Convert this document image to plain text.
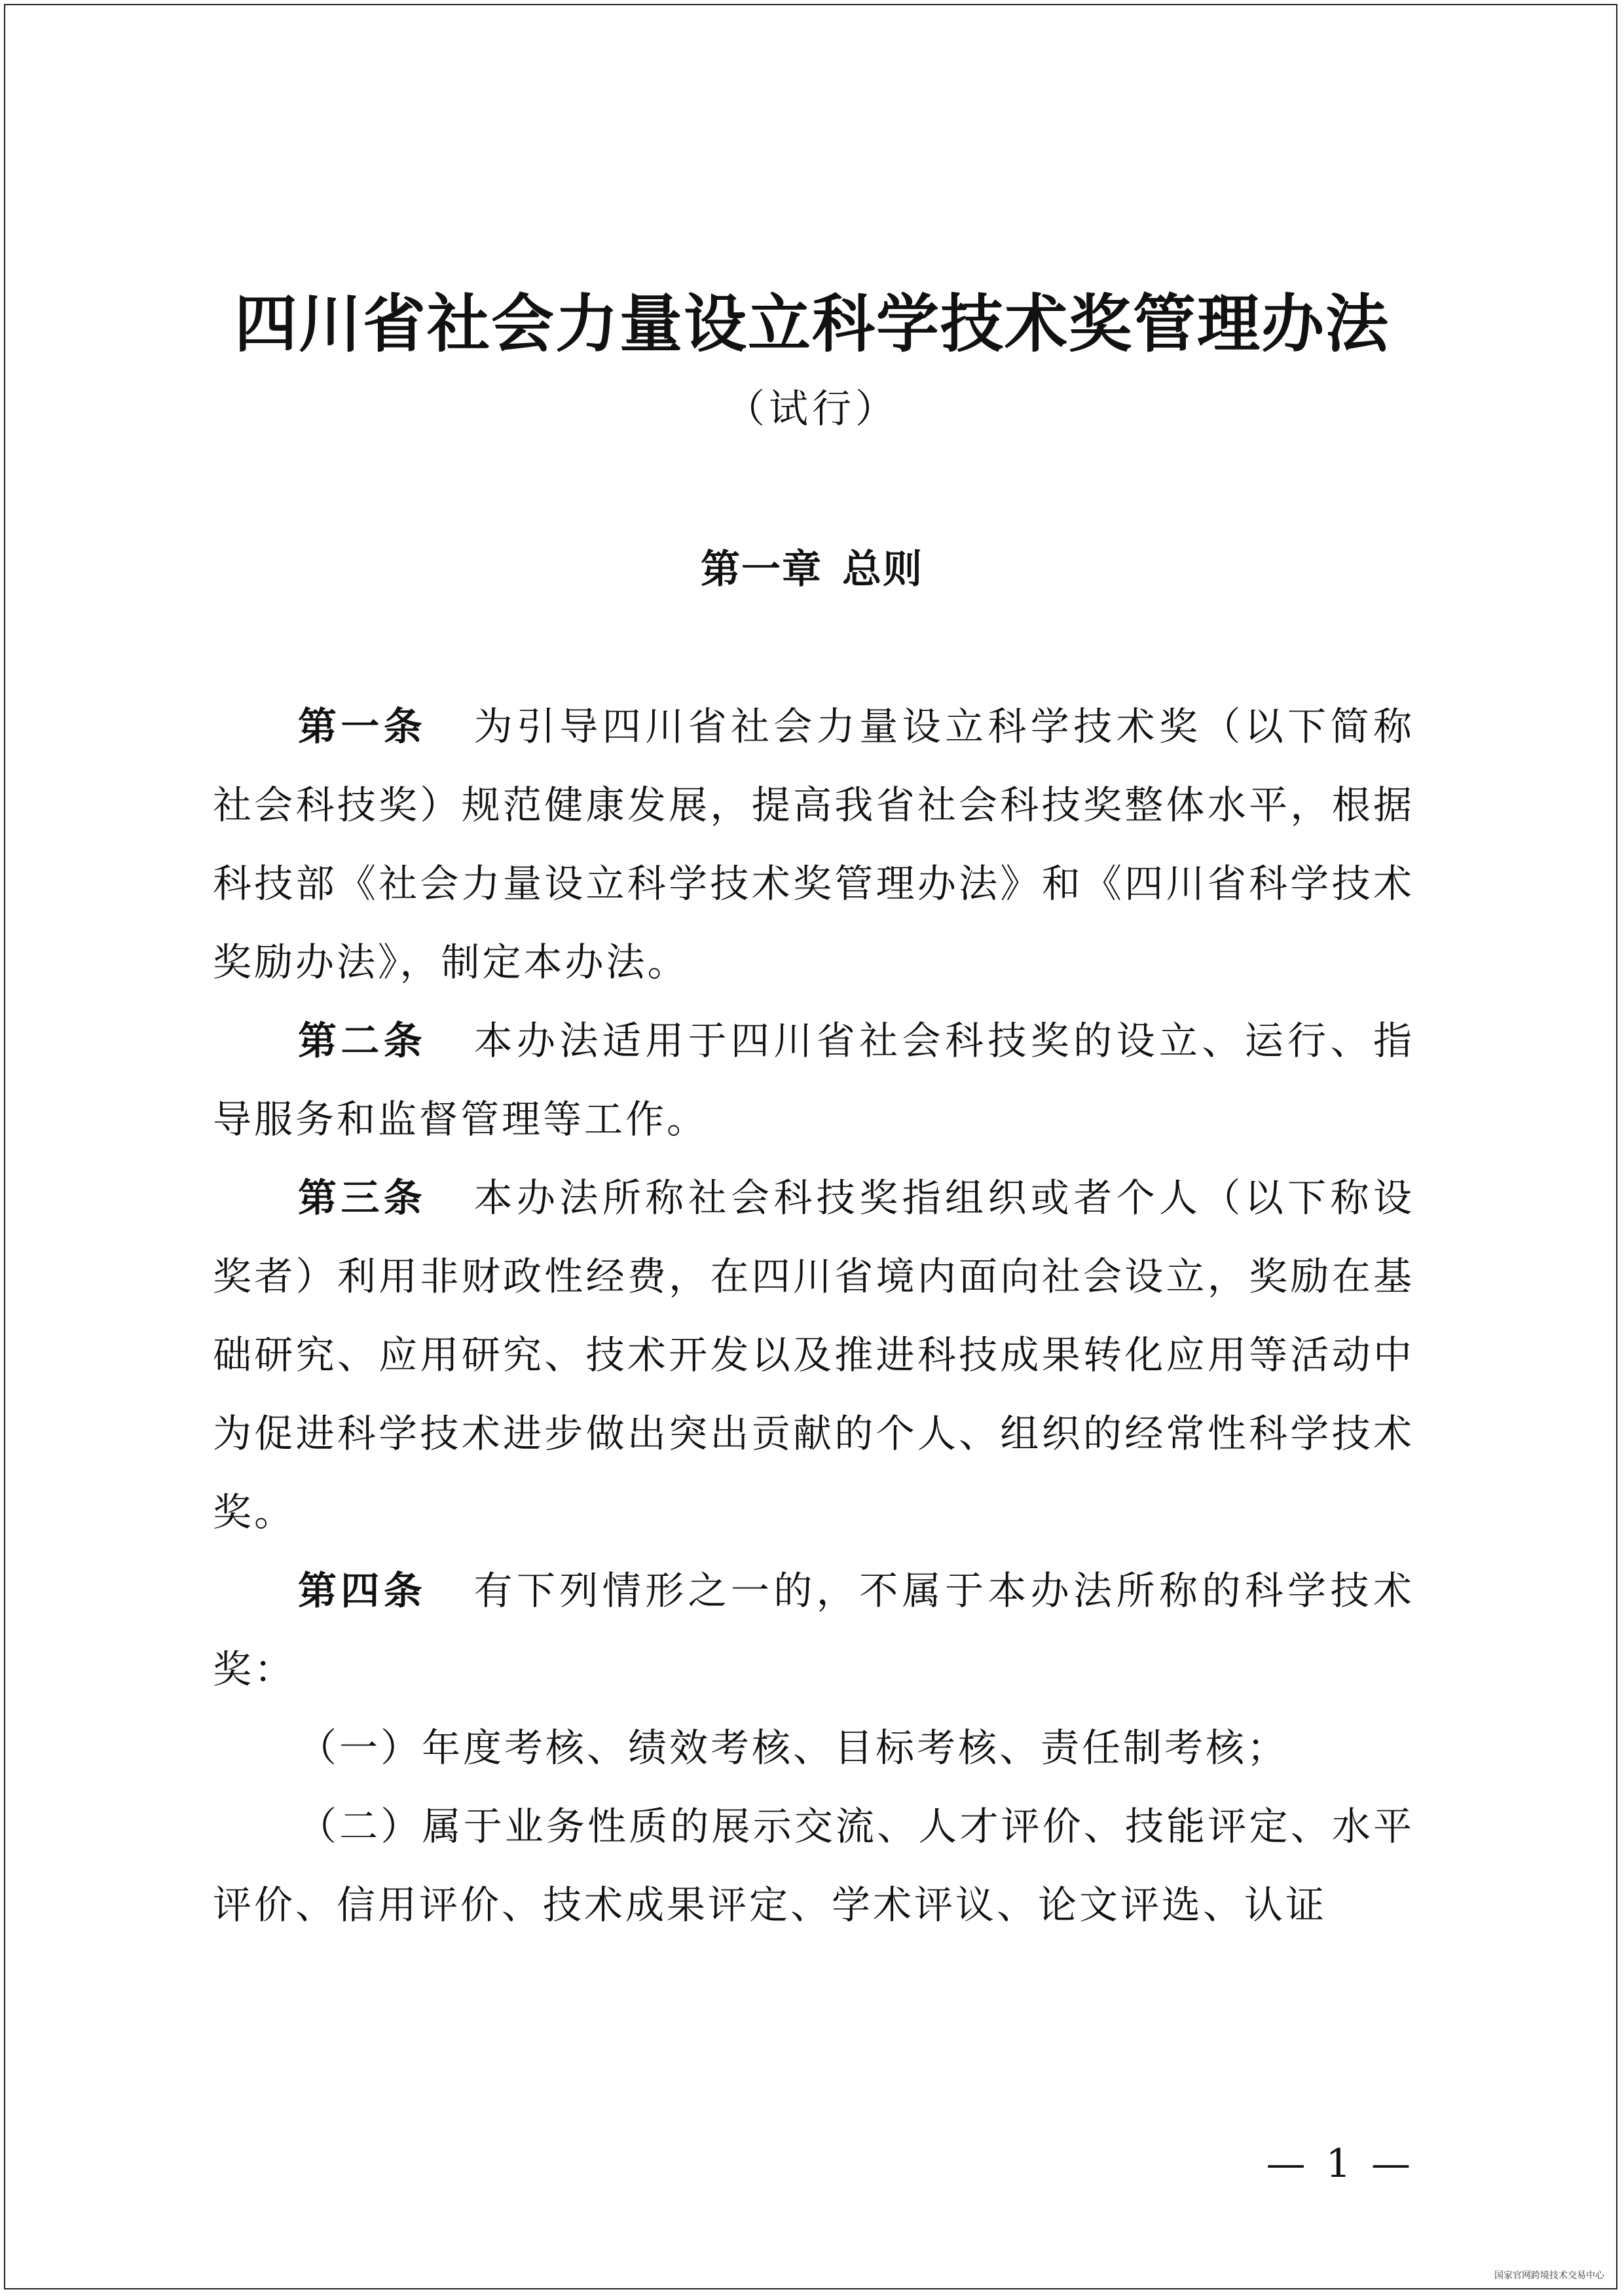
四川省社会力量设立科学技术奖管理办法
（试行）
第一章 总则

第一条 为引导四川省社会力量设立科学技术奖（以下简称社会科技奖）规范健康发展，提高我省社会科技奖整体水平，根据科技部《社会力量设立科学技术奖管理办法》和《四川省科学技术奖励办法》，制定本办法。

第二条 本办法适用于四川省社会科技奖的设立、运行、指导服务和监督管理等工作。

第三条 本办法所称社会科技奖指组织或者个人（以下称设奖者）利用非财政性经费，在四川省境内面向社会设立，奖励在基础研究、应用研究、技术开发以及推进科技成果转化应用等活动中为促进科学技术进步做出突出贡献的个人、组织的经常性科学技术奖。

第四条 有下列情形之一的，不属于本办法所称的科学技术奖：

（一）年度考核、绩效考核、目标考核、责任制考核；

（二）属于业务性质的展示交流、人才评价、技能评定、水平评价、信用评价、技术成果评定、学术评议、论文评选、认证

— 1 —
国家官网跨境技术交易中心
